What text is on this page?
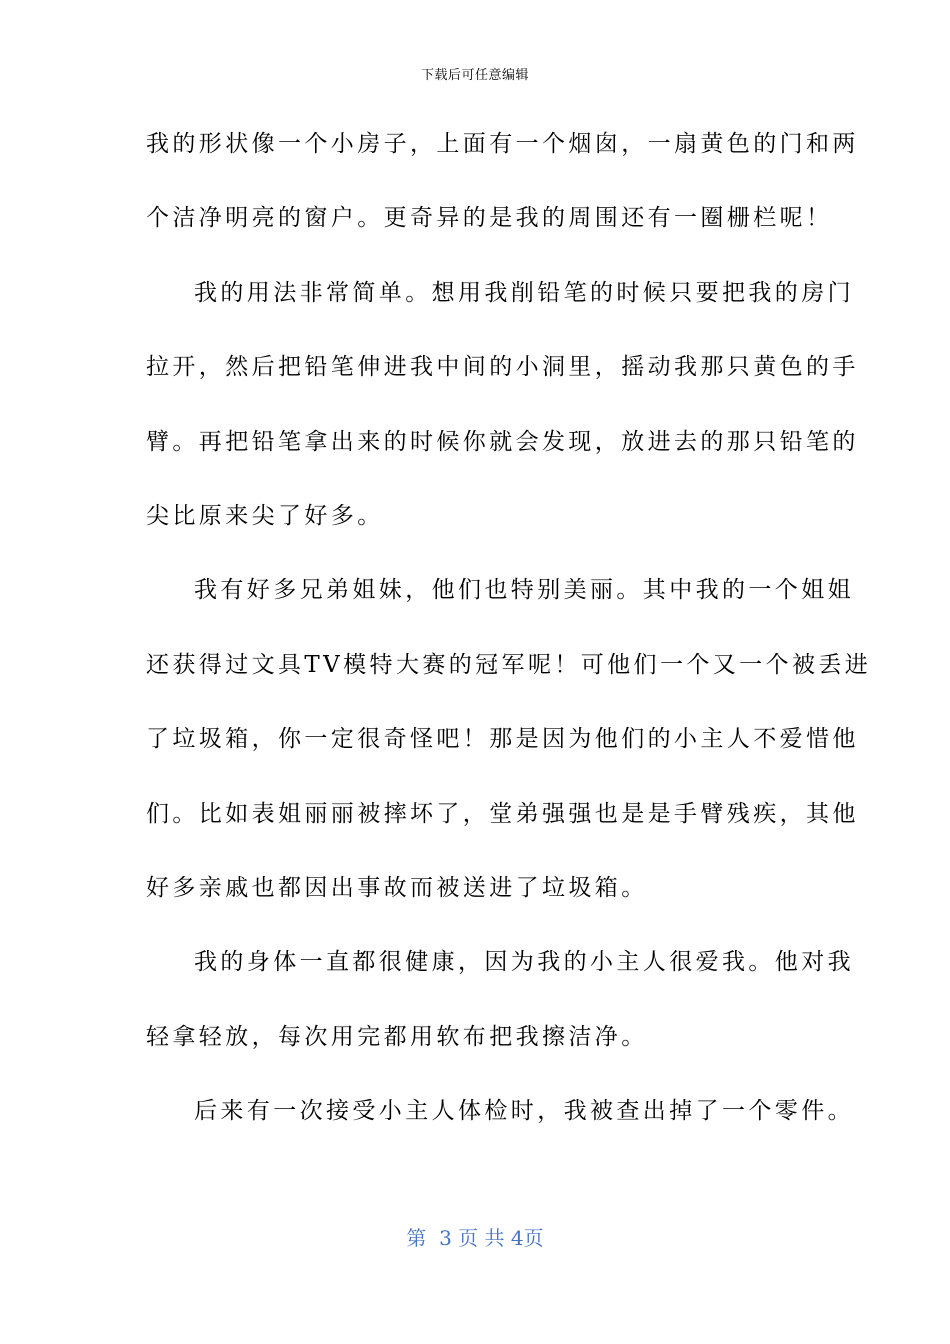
下载后可任意编辑
我的形状像一个小房子，上面有一个烟囱，一扇黄色的门和两
个洁净明亮的窗户。更奇异的是我的周围还有一圈栅栏呢！
我的用法非常简单。想用我削铅笔的时候只要把我的房门
拉开，然后把铅笔伸进我中间的小洞里，摇动我那只黄色的手
臂。再把铅笔拿出来的时候你就会发现，放进去的那只铅笔的
尖比原来尖了好多。
我有好多兄弟姐妹，他们也特别美丽。其中我的一个姐姐
还获得过文具TV模特大赛的冠军呢！可他们一个又一个被丢进
了垃圾箱，你一定很奇怪吧！那是因为他们的小主人不爱惜他
们。比如表姐丽丽被摔坏了，堂弟强强也是是手臂残疾，其他
好多亲戚也都因出事故而被送进了垃圾箱。
我的身体一直都很健康，因为我的小主人很爱我。他对我
轻拿轻放，每次用完都用软布把我擦洁净。
后来有一次接受小主人体检时，我被查出掉了一个零件。
第  3 页 共 4页
